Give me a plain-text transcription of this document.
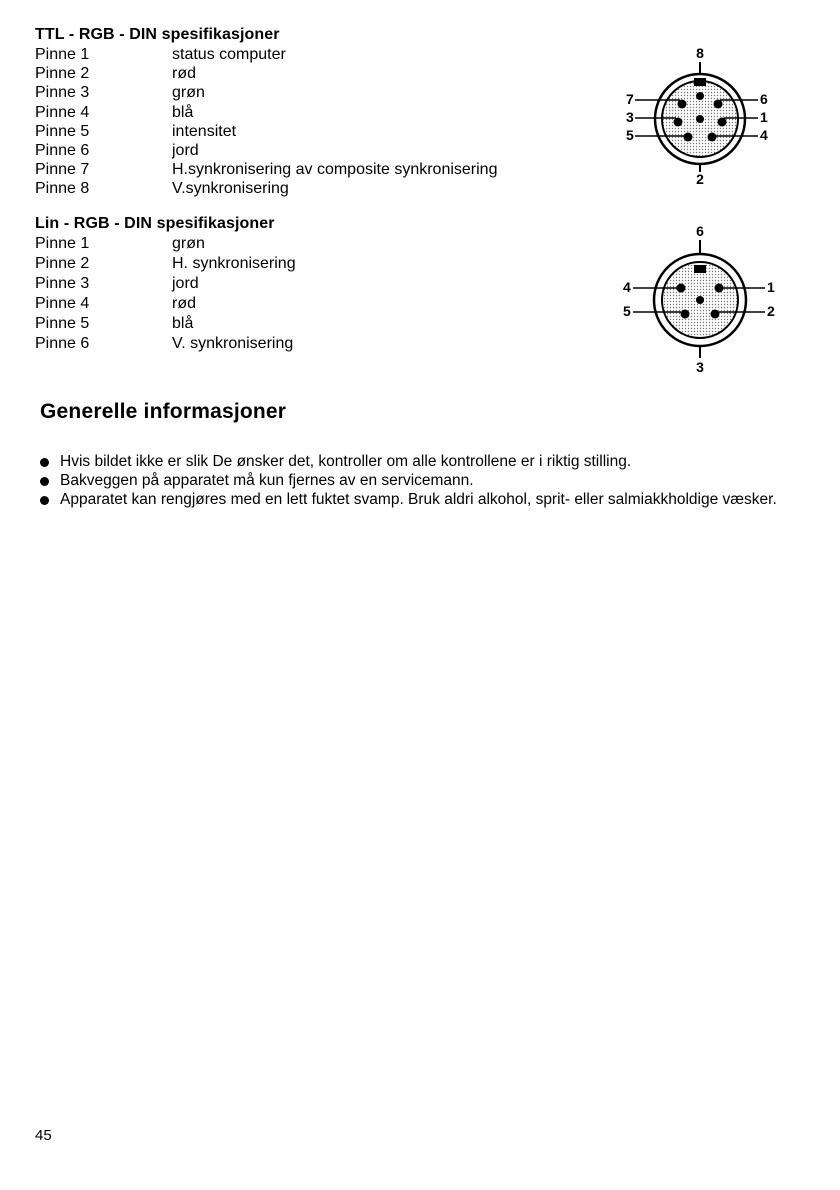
TTL - RGB - DIN spesifikasjoner
Pinne 1	status computer
Pinne 2	rød
Pinne 3	grøn
Pinne 4	blå
Pinne 5	intensitet
Pinne 6	jord
Pinne 7	H.synkronisering av composite synkronisering
Pinne 8	V.synkronisering
8
2
7
3
5
6
1
4
Lin - RGB - DIN spesifikasjoner
Pinne 1	grøn
Pinne 2	H. synkronisering
Pinne 3	jord
Pinne 4	rød
Pinne 5	blå
Pinne 6	V. synkronisering
6
3
4
5
1
2
Generelle informasjoner
Hvis bildet ikke er slik De ønsker det, kontroller om alle kontrollene er i riktig stilling.
Bakveggen på apparatet må kun fjernes av en servicemann.
Apparatet kan rengjøres med en lett fuktet svamp. Bruk aldri alkohol, sprit- eller salmiakkholdige væsker.
45
